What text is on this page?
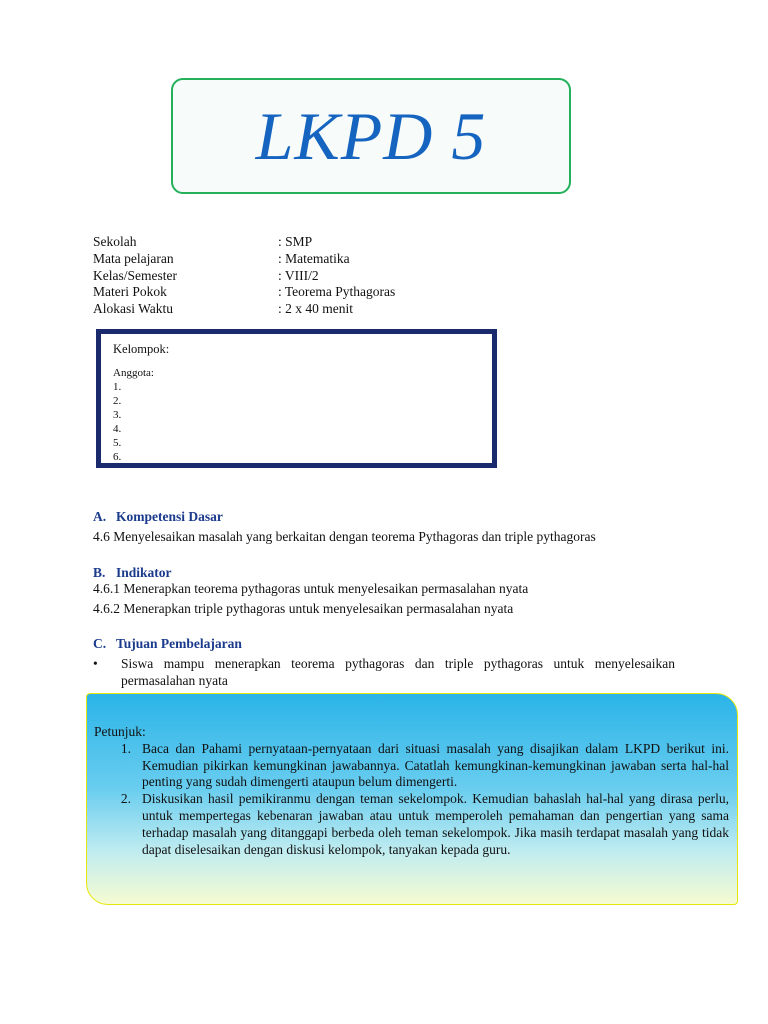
LKPD 5
Sekolah	: SMP
Mata pelajaran	: Matematika
Kelas/Semester	: VIII/2
Materi Pokok	: Teorema Pythagoras
Alokasi Waktu	: 2 x 40 menit
Kelompok:
Anggota:
1.
2.
3.
4.
5.
6.
A. Kompetensi Dasar
4.6 Menyelesaikan masalah yang berkaitan dengan teorema Pythagoras dan triple pythagoras
B. Indikator
4.6.1 Menerapkan teorema pythagoras untuk menyelesaikan permasalahan nyata
4.6.2 Menerapkan triple pythagoras untuk menyelesaikan permasalahan nyata
C. Tujuan Pembelajaran
•	Siswa mampu menerapkan teorema pythagoras dan triple pythagoras untuk menyelesaikan permasalahan nyata
Petunjuk:
1. Baca dan Pahami pernyataan-pernyataan dari situasi masalah yang disajikan dalam LKPD berikut ini. Kemudian pikirkan kemungkinan jawabannya. Catatlah kemungkinan-kemungkinan jawaban serta hal-hal penting yang sudah dimengerti ataupun belum dimengerti.
2. Diskusikan hasil pemikiranmu dengan teman sekelompok. Kemudian bahaslah hal-hal yang dirasa perlu, untuk mempertegas kebenaran jawaban atau untuk memperoleh pemahaman dan pengertian yang sama terhadap masalah yang ditanggapi berbeda oleh teman sekelompok. Jika masih terdapat masalah yang tidak dapat diselesaikan dengan diskusi kelompok, tanyakan kepada guru.
